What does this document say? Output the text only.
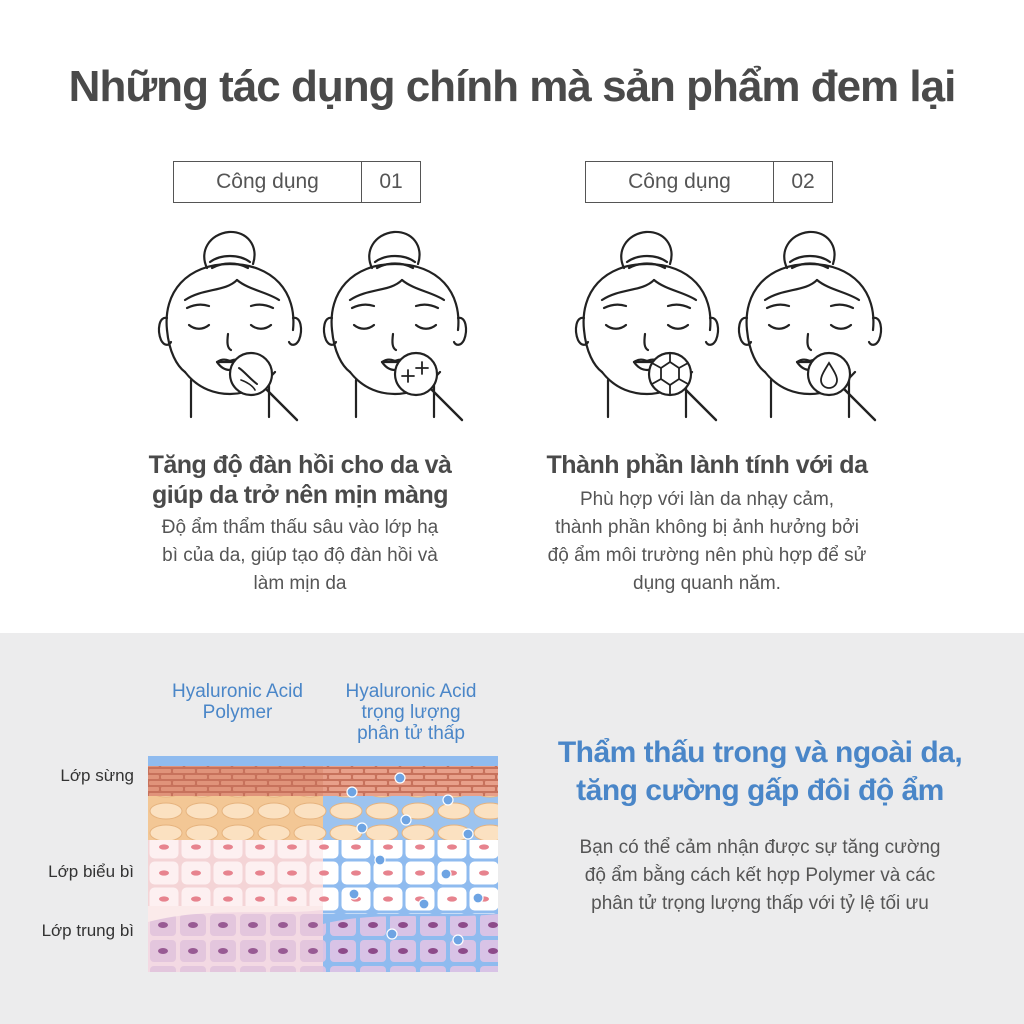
Những tác dụng chính mà sản phẩm đem lại
Công dụng	01	Công dụng	02
Tăng độ đàn hồi cho da và
giúp da trở nên mịn màng

Độ ẩm thẩm thấu sâu vào lớp hạ
bì của da, giúp tạo độ đàn hồi và
làm mịn da

Thành phần lành tính với da

Phù hợp với làn da nhạy cảm,
thành phần không bị ảnh hưởng bởi
độ ẩm môi trường nên phù hợp để sử
dụng quanh năm.

Hyaluronic Acid
Polymer
Hyaluronic Acid
trọng lượng
phân tử thấp
Lớp sừng
Lớp biểu bì
Lớp trung bì
Thẩm thấu trong và ngoài da,
tăng cường gấp đôi độ ẩm

Bạn có thể cảm nhận được sự tăng cường
độ ẩm bằng cách kết hợp Polymer và các
phân tử trọng lượng thấp với tỷ lệ tối ưu
